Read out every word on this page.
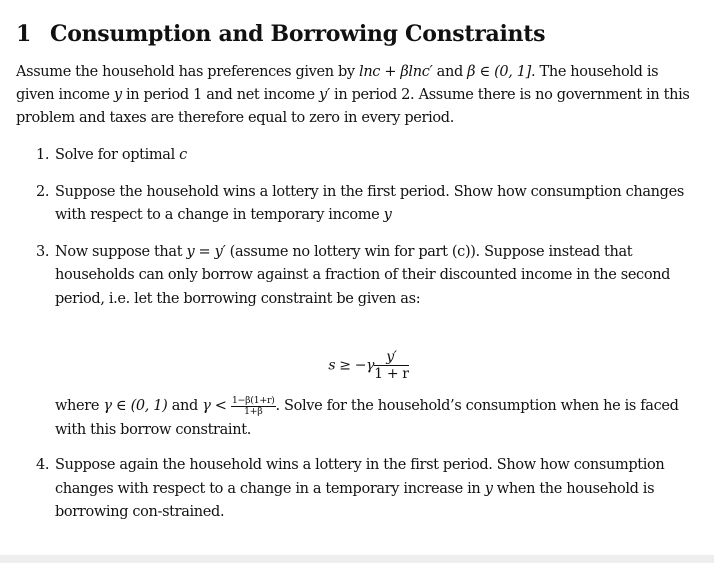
1 Consumption and Borrowing Constraints

Assume the household has preferences given by lnc + βlnc′ and β ∈ (0, 1]. The household is given income y in period 1 and net income y′ in period 2. Assume there is no government in this problem and taxes are therefore equal to zero in every period.

1. Solve for optimal c
2. Suppose the household wins a lottery in the first period. Show how consumption changes with respect to a change in temporary income y
3. Now suppose that y = y′ (assume no lottery win for part (c)). Suppose instead that households can only borrow against a fraction of their discounted income in the second period, i.e. let the borrowing constraint be given as:
$s \ge -\gamma \frac{y'}{1 + r}$
where γ ∈ (0, 1) and $\gamma < \frac{1-\beta(1+r)}{1+\beta}$ . Solve for the household’s consumption when he is faced with this borrow constraint.
4. Suppose again the household wins a lottery in the first period. Show how consumption changes with respect to a change in a temporary increase in y when the household is borrowing con-strained.
